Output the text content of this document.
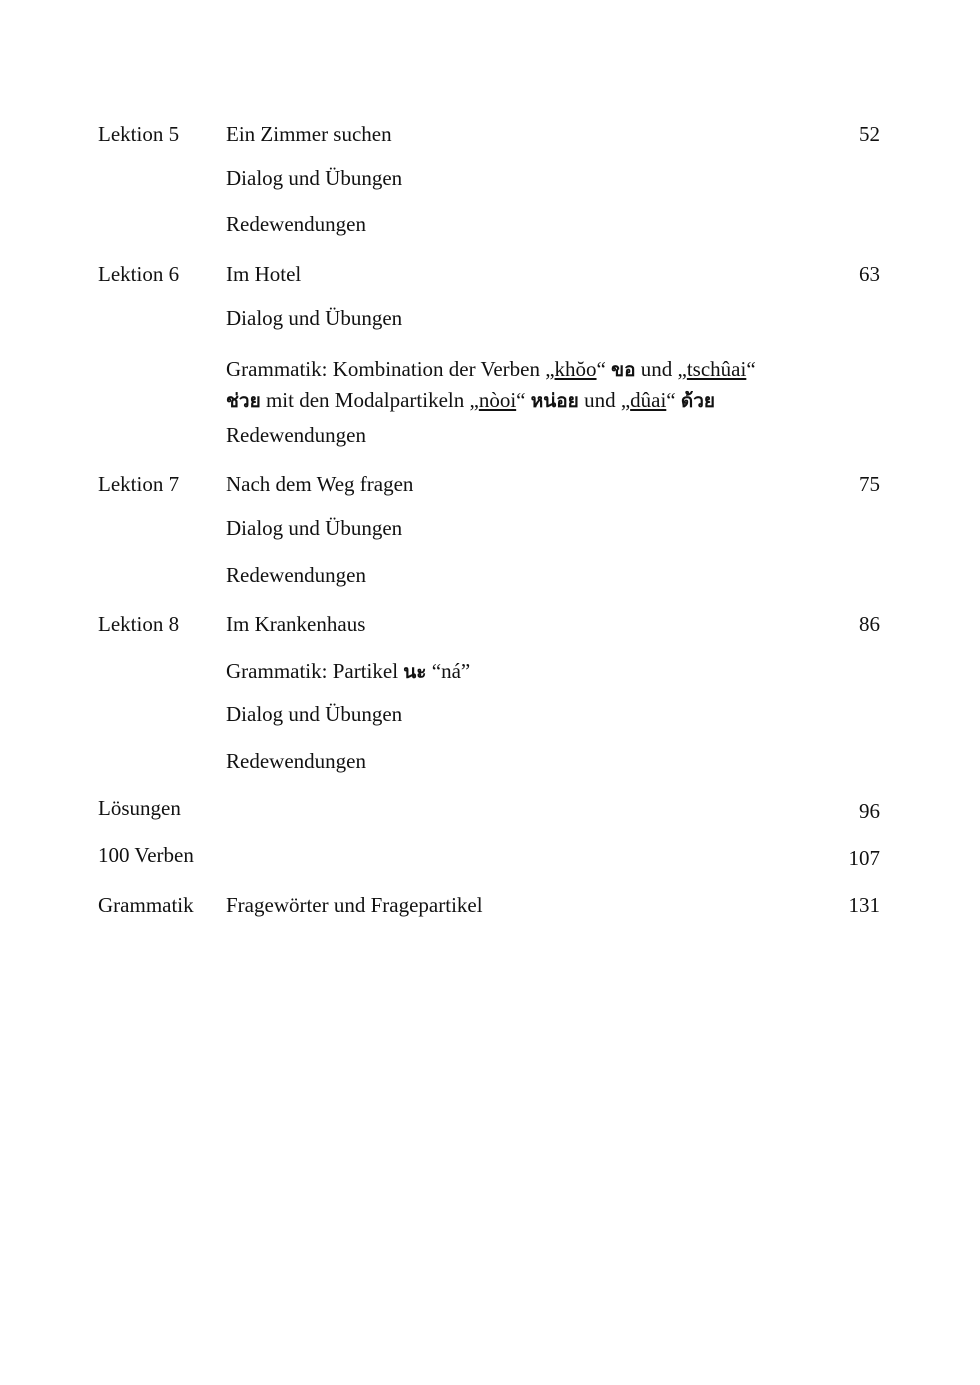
Lektion 5 Ein Zimmer suchen	52
Dialog und Übungen
Redewendungen
Lektion 6 Im Hotel	63
Dialog und Übungen
Grammatik: Kombination der Verben „khŏo“ ขอ und „tschûai“
ช่วย mit den Modalpartikeln „nòoi“ หน่อย und „dûai“ ด้วย
Redewendungen
Lektion 7 Nach dem Weg fragen	75
Dialog und Übungen
Redewendungen
Lektion 8 Im Krankenhaus	86
Grammatik: Partikel นะ “ná”
Dialog und Übungen
Redewendungen
Lösungen	96
100 Verben	107
Grammatik Fragewörter und Fragepartikel	131
